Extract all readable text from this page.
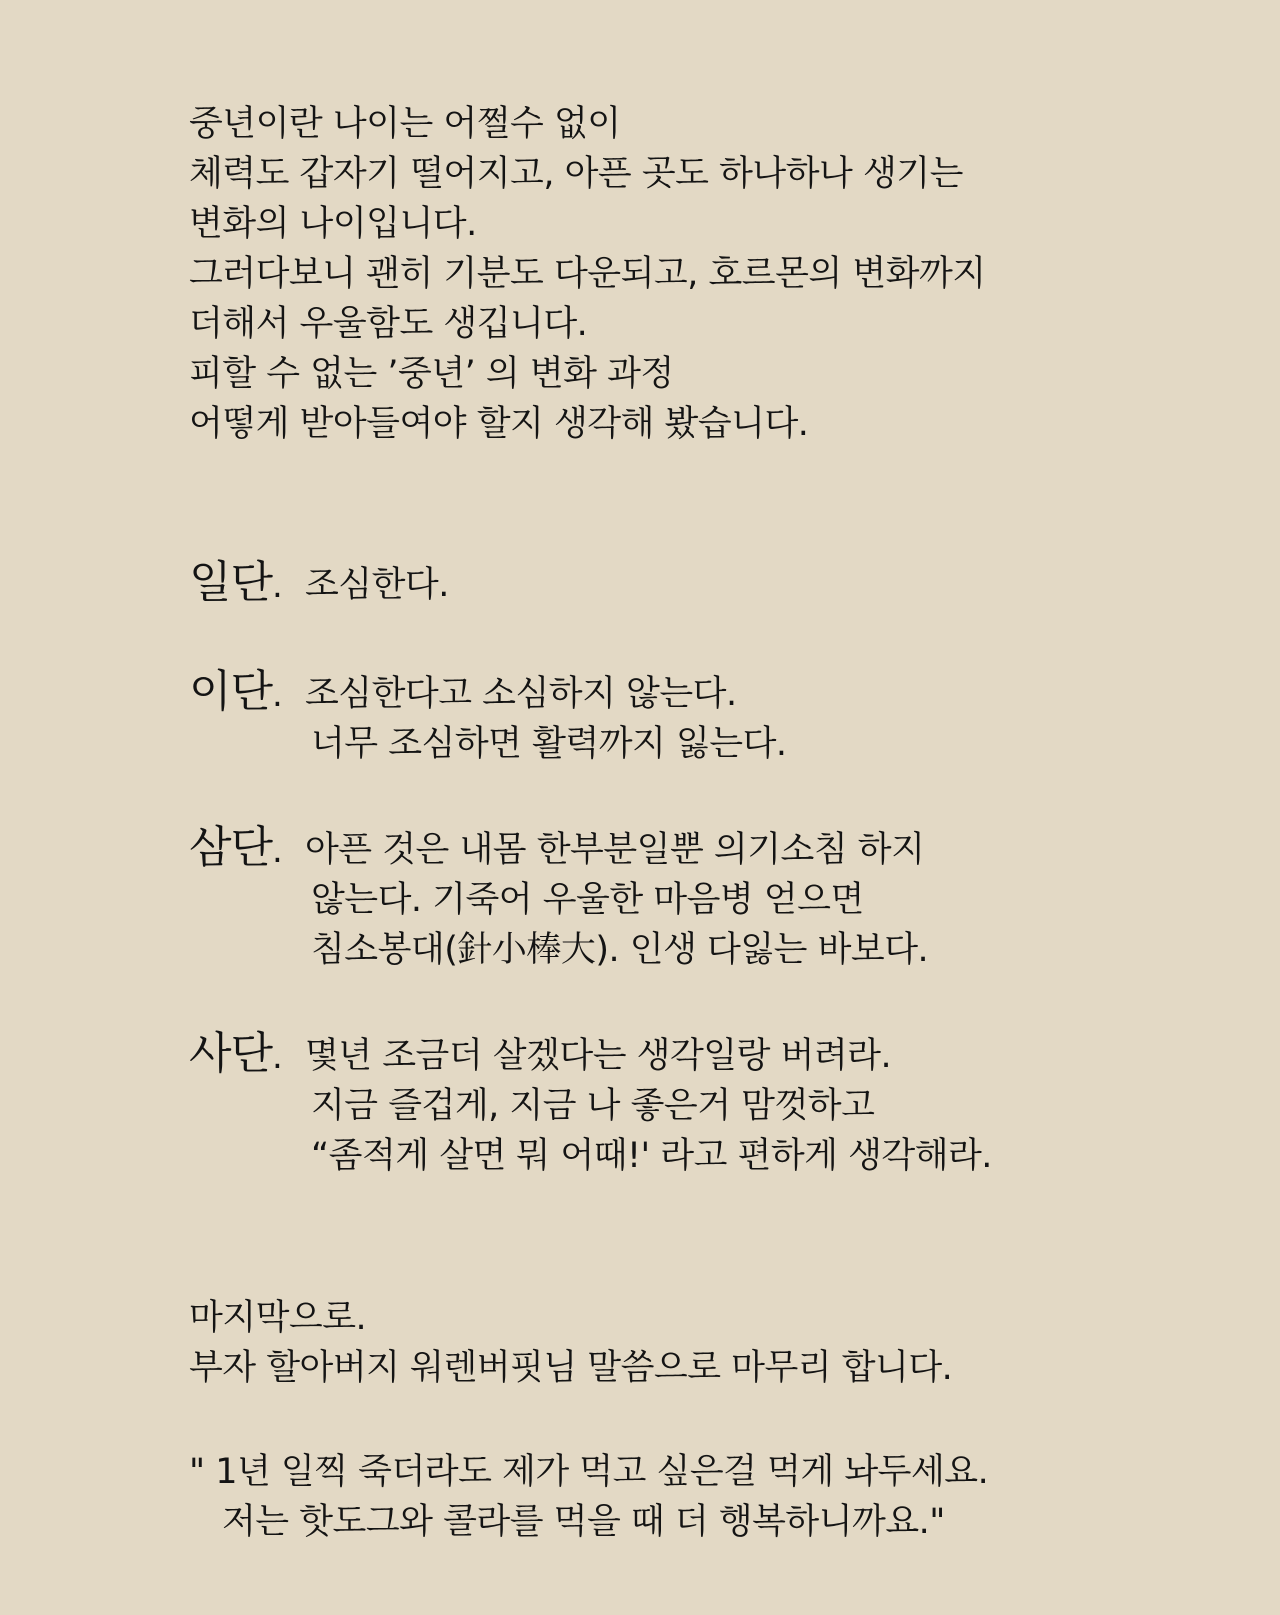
중년이란 나이는 어쩔수 없이
체력도 갑자기 떨어지고, 아픈 곳도 하나하나 생기는
변화의 나이입니다.
그러다보니 괜히 기분도 다운되고, 호르몬의 변화까지
더해서 우울함도 생깁니다.
피할 수 없는 ’중년’ 의 변화 과정
어떻게 받아들여야 할지 생각해 봤습니다.
일단. 조심한다.
이단. 조심한다고 소심하지 않는다.
너무 조심하면 활력까지 잃는다.
삼단. 아픈 것은 내몸 한부분일뿐 의기소침 하지
않는다. 기죽어 우울한 마음병 얻으면
침소봉대(針小棒大). 인생 다잃는 바보다.
사단. 몇년 조금더 살겠다는 생각일랑 버려라.
지금 즐겁게, 지금 나 좋은거 맘껏하고
“좀적게 살면 뭐 어때!' 라고 편하게 생각해라.
마지막으로.
부자 할아버지 워렌버핏님 말씀으로 마무리 합니다.
" 1년 일찍 죽더라도 제가 먹고 싶은걸 먹게 놔두세요.
저는 핫도그와 콜라를 먹을 때 더 행복하니까요."
